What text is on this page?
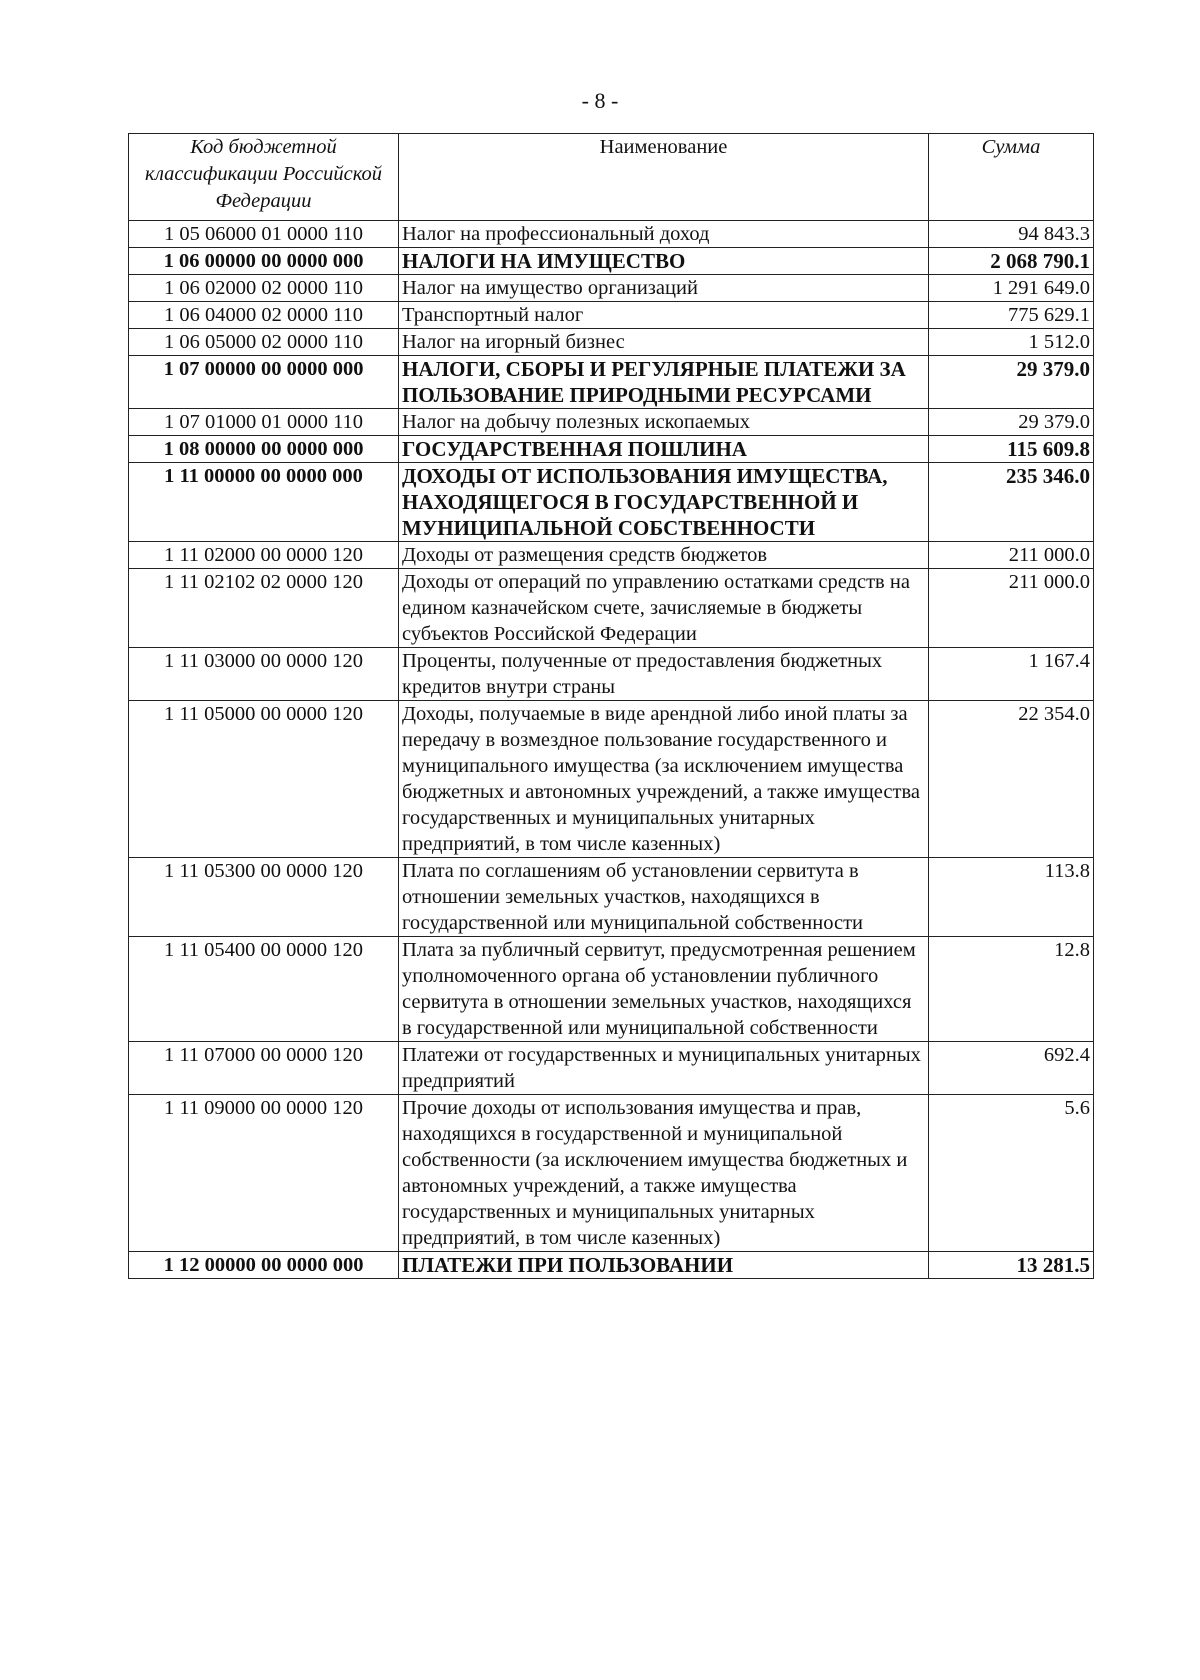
- 8 -
Код бюджетной классификации Российской Федерации	Наименование	Сумма
1 05 06000 01 0000 110	Налог на профессиональный доход	94 843.3
1 06 00000 00 0000 000	НАЛОГИ НА ИМУЩЕСТВО	2 068 790.1
1 06 02000 02 0000 110	Налог на имущество организаций	1 291 649.0
1 06 04000 02 0000 110	Транспортный налог	775 629.1
1 06 05000 02 0000 110	Налог на игорный бизнес	1 512.0
1 07 00000 00 0000 000	НАЛОГИ, СБОРЫ И РЕГУЛЯРНЫЕ ПЛАТЕЖИ ЗА ПОЛЬЗОВАНИЕ ПРИРОДНЫМИ РЕСУРСАМИ	29 379.0
1 07 01000 01 0000 110	Налог на добычу полезных ископаемых	29 379.0
1 08 00000 00 0000 000	ГОСУДАРСТВЕННАЯ ПОШЛИНА	115 609.8
1 11 00000 00 0000 000	ДОХОДЫ ОТ ИСПОЛЬЗОВАНИЯ ИМУЩЕСТВА, НАХОДЯЩЕГОСЯ В ГОСУДАРСТВЕННОЙ И МУНИЦИПАЛЬНОЙ СОБСТВЕННОСТИ	235 346.0
1 11 02000 00 0000 120	Доходы от размещения средств бюджетов	211 000.0
1 11 02102 02 0000 120	Доходы от операций по управлению остатками средств на едином казначейском счете, зачисляемые в бюджеты субъектов Российской Федерации	211 000.0
1 11 03000 00 0000 120	Проценты, полученные от предоставления бюджетных кредитов внутри страны	1 167.4
1 11 05000 00 0000 120	Доходы, получаемые в виде арендной либо иной платы за передачу в возмездное пользование государственного и муниципального имущества (за исключением имущества бюджетных и автономных учреждений, а также имущества государственных и муниципальных унитарных предприятий, в том числе казенных)	22 354.0
1 11 05300 00 0000 120	Плата по соглашениям об установлении сервитута в отношении земельных участков, находящихся в государственной или муниципальной собственности	113.8
1 11 05400 00 0000 120	Плата за публичный сервитут, предусмотренная решением уполномоченного органа об установлении публичного сервитута в отношении земельных участков, находящихся в государственной или муниципальной собственности	12.8
1 11 07000 00 0000 120	Платежи от государственных и муниципальных унитарных предприятий	692.4
1 11 09000 00 0000 120	Прочие доходы от использования имущества и прав, находящихся в государственной и муниципальной собственности (за исключением имущества бюджетных и автономных учреждений, а также имущества государственных и муниципальных унитарных предприятий, в том числе казенных)	5.6
1 12 00000 00 0000 000	ПЛАТЕЖИ ПРИ ПОЛЬЗОВАНИИ	13 281.5
